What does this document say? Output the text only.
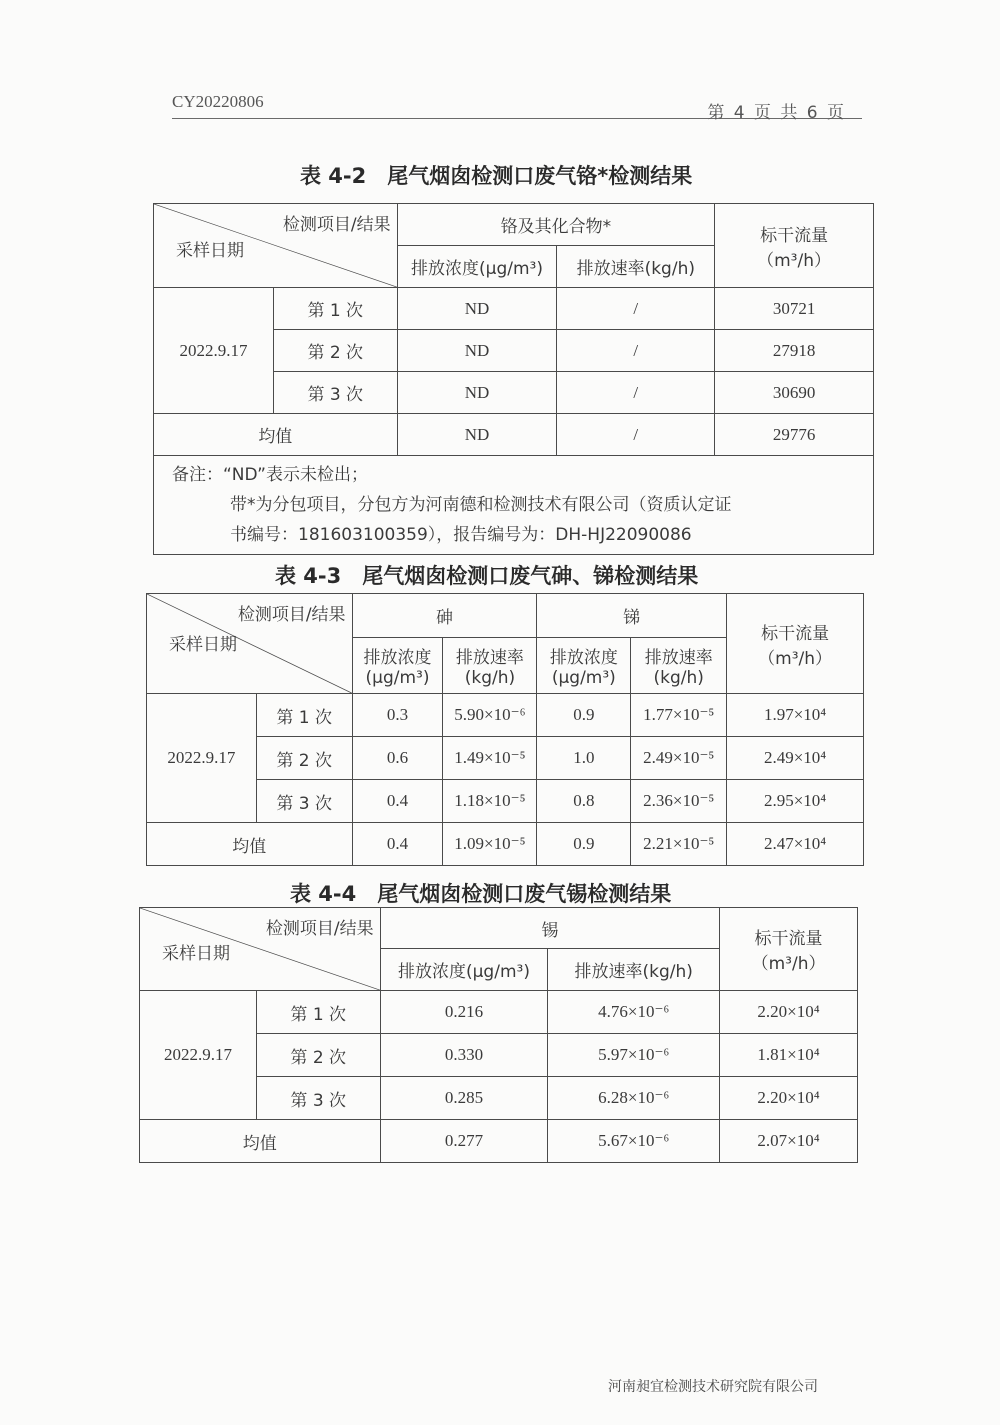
CY20220806
第 4 页 共 6 页
表 4-2　尾气烟囱检测口废气铬*检测结果
检测项目/结果
采样日期
	铬及其化合物*	标干流量
（m³/h）

		排放浓度(μg/m³)	排放速率(kg/h)	
2022.9.17	第 1 次	ND	/	30721
	第 2 次	ND	/	27918
	第 3 次	ND	/	30690
均值		ND	/	29776

备注：“ND”表示未检出；
带*为分包项目，分包方为河南德和检测技术有限公司（资质认定证
书编号：181603100359），报告编号为：DH-HJ22090086				
表 4-3　尾气烟囱检测口废气砷、锑检测结果
检测项目/结果
采样日期
	砷	锑	
标干流量
（m³/h）

排放浓度
(μg/m³)

排放速率
(kg/h)

排放浓度
(μg/m³)

排放速率
(kg/h)

2022.9.17	第 1 次	0.3	5.90×10⁻⁶	0.9	1.77×10⁻⁵	1.97×10⁴
	第 2 次	0.6	1.49×10⁻⁵	1.0	2.49×10⁻⁵	2.49×10⁴
	第 3 次	0.4	1.18×10⁻⁵	0.8	2.36×10⁻⁵	2.95×10⁴
均值		0.4	1.09×10⁻⁵	0.9	2.21×10⁻⁵	2.47×10⁴
表 4-4　尾气烟囱检测口废气锡检测结果
检测项目/结果
采样日期
	锡	标干流量
（m³/h）

		排放浓度(μg/m³)	排放速率(kg/h)	
2022.9.17	第 1 次	0.216	4.76×10⁻⁶	2.20×10⁴
	第 2 次	0.330	5.97×10⁻⁶	1.81×10⁴
	第 3 次	0.285	6.28×10⁻⁶	2.20×10⁴
均值		0.277	5.67×10⁻⁶	2.07×10⁴
河南昶宜检测技术研究院有限公司
